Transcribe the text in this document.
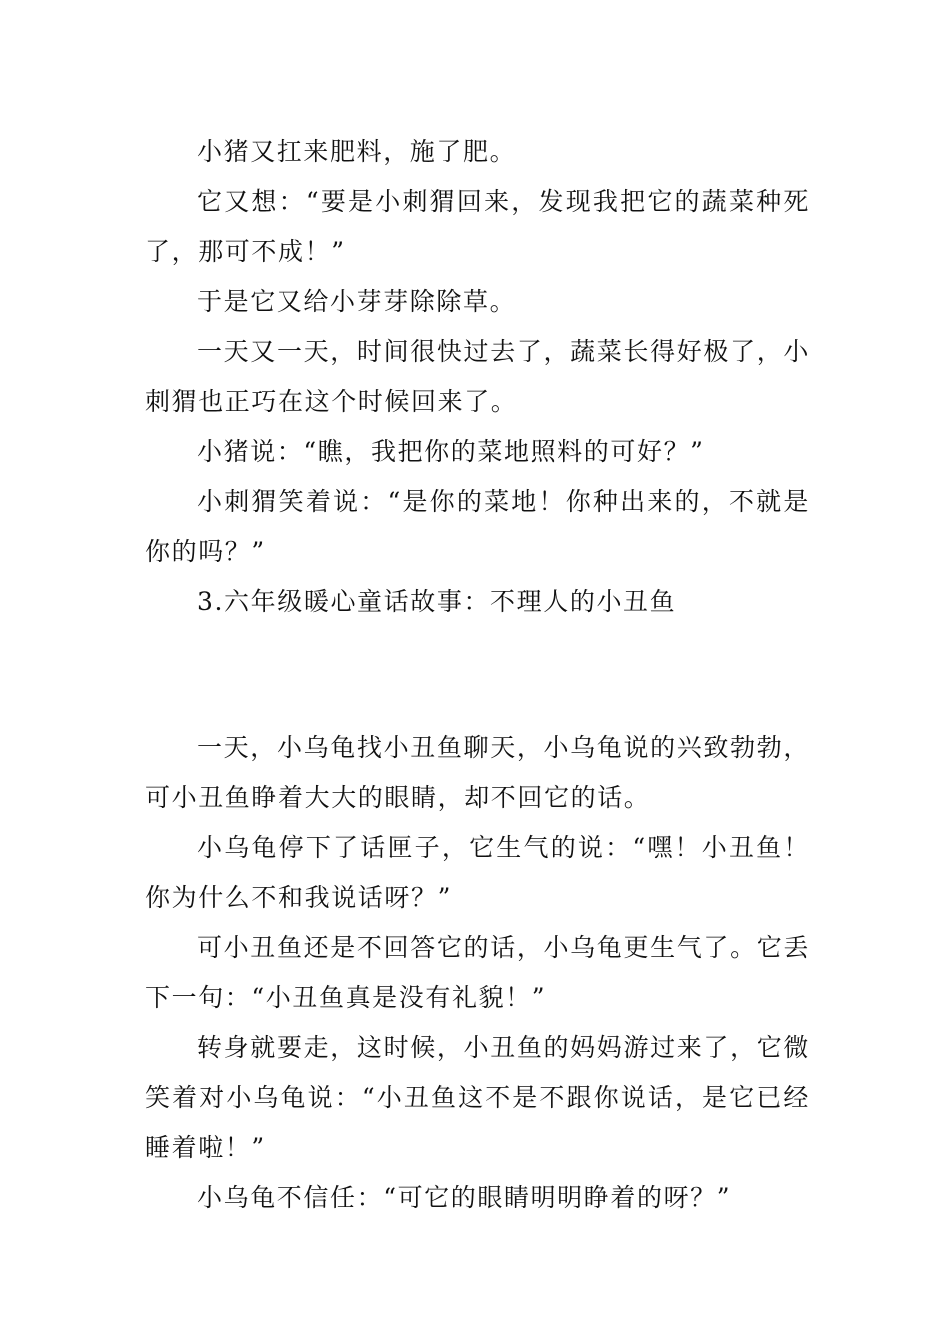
小猪又扛来肥料，施了肥。

它又想：“要是小刺猬回来，发现我把它的蔬菜种死了，那可不成！”

于是它又给小芽芽除除草。

一天又一天，时间很快过去了，蔬菜长得好极了，小刺猬也正巧在这个时候回来了。

小猪说：“瞧，我把你的菜地照料的可好？”

小刺猬笑着说：“是你的菜地！你种出来的，不就是你的吗？”

3.六年级暖心童话故事：不理人的小丑鱼

一天，小乌龟找小丑鱼聊天，小乌龟说的兴致勃勃，可小丑鱼睁着大大的眼睛，却不回它的话。

小乌龟停下了话匣子，它生气的说：“嘿！小丑鱼！你为什么不和我说话呀？”

可小丑鱼还是不回答它的话，小乌龟更生气了。它丢下一句：“小丑鱼真是没有礼貌！”

转身就要走，这时候，小丑鱼的妈妈游过来了，它微笑着对小乌龟说：“小丑鱼这不是不跟你说话，是它已经睡着啦！”

小乌龟不信任：“可它的眼睛明明睁着的呀？”
